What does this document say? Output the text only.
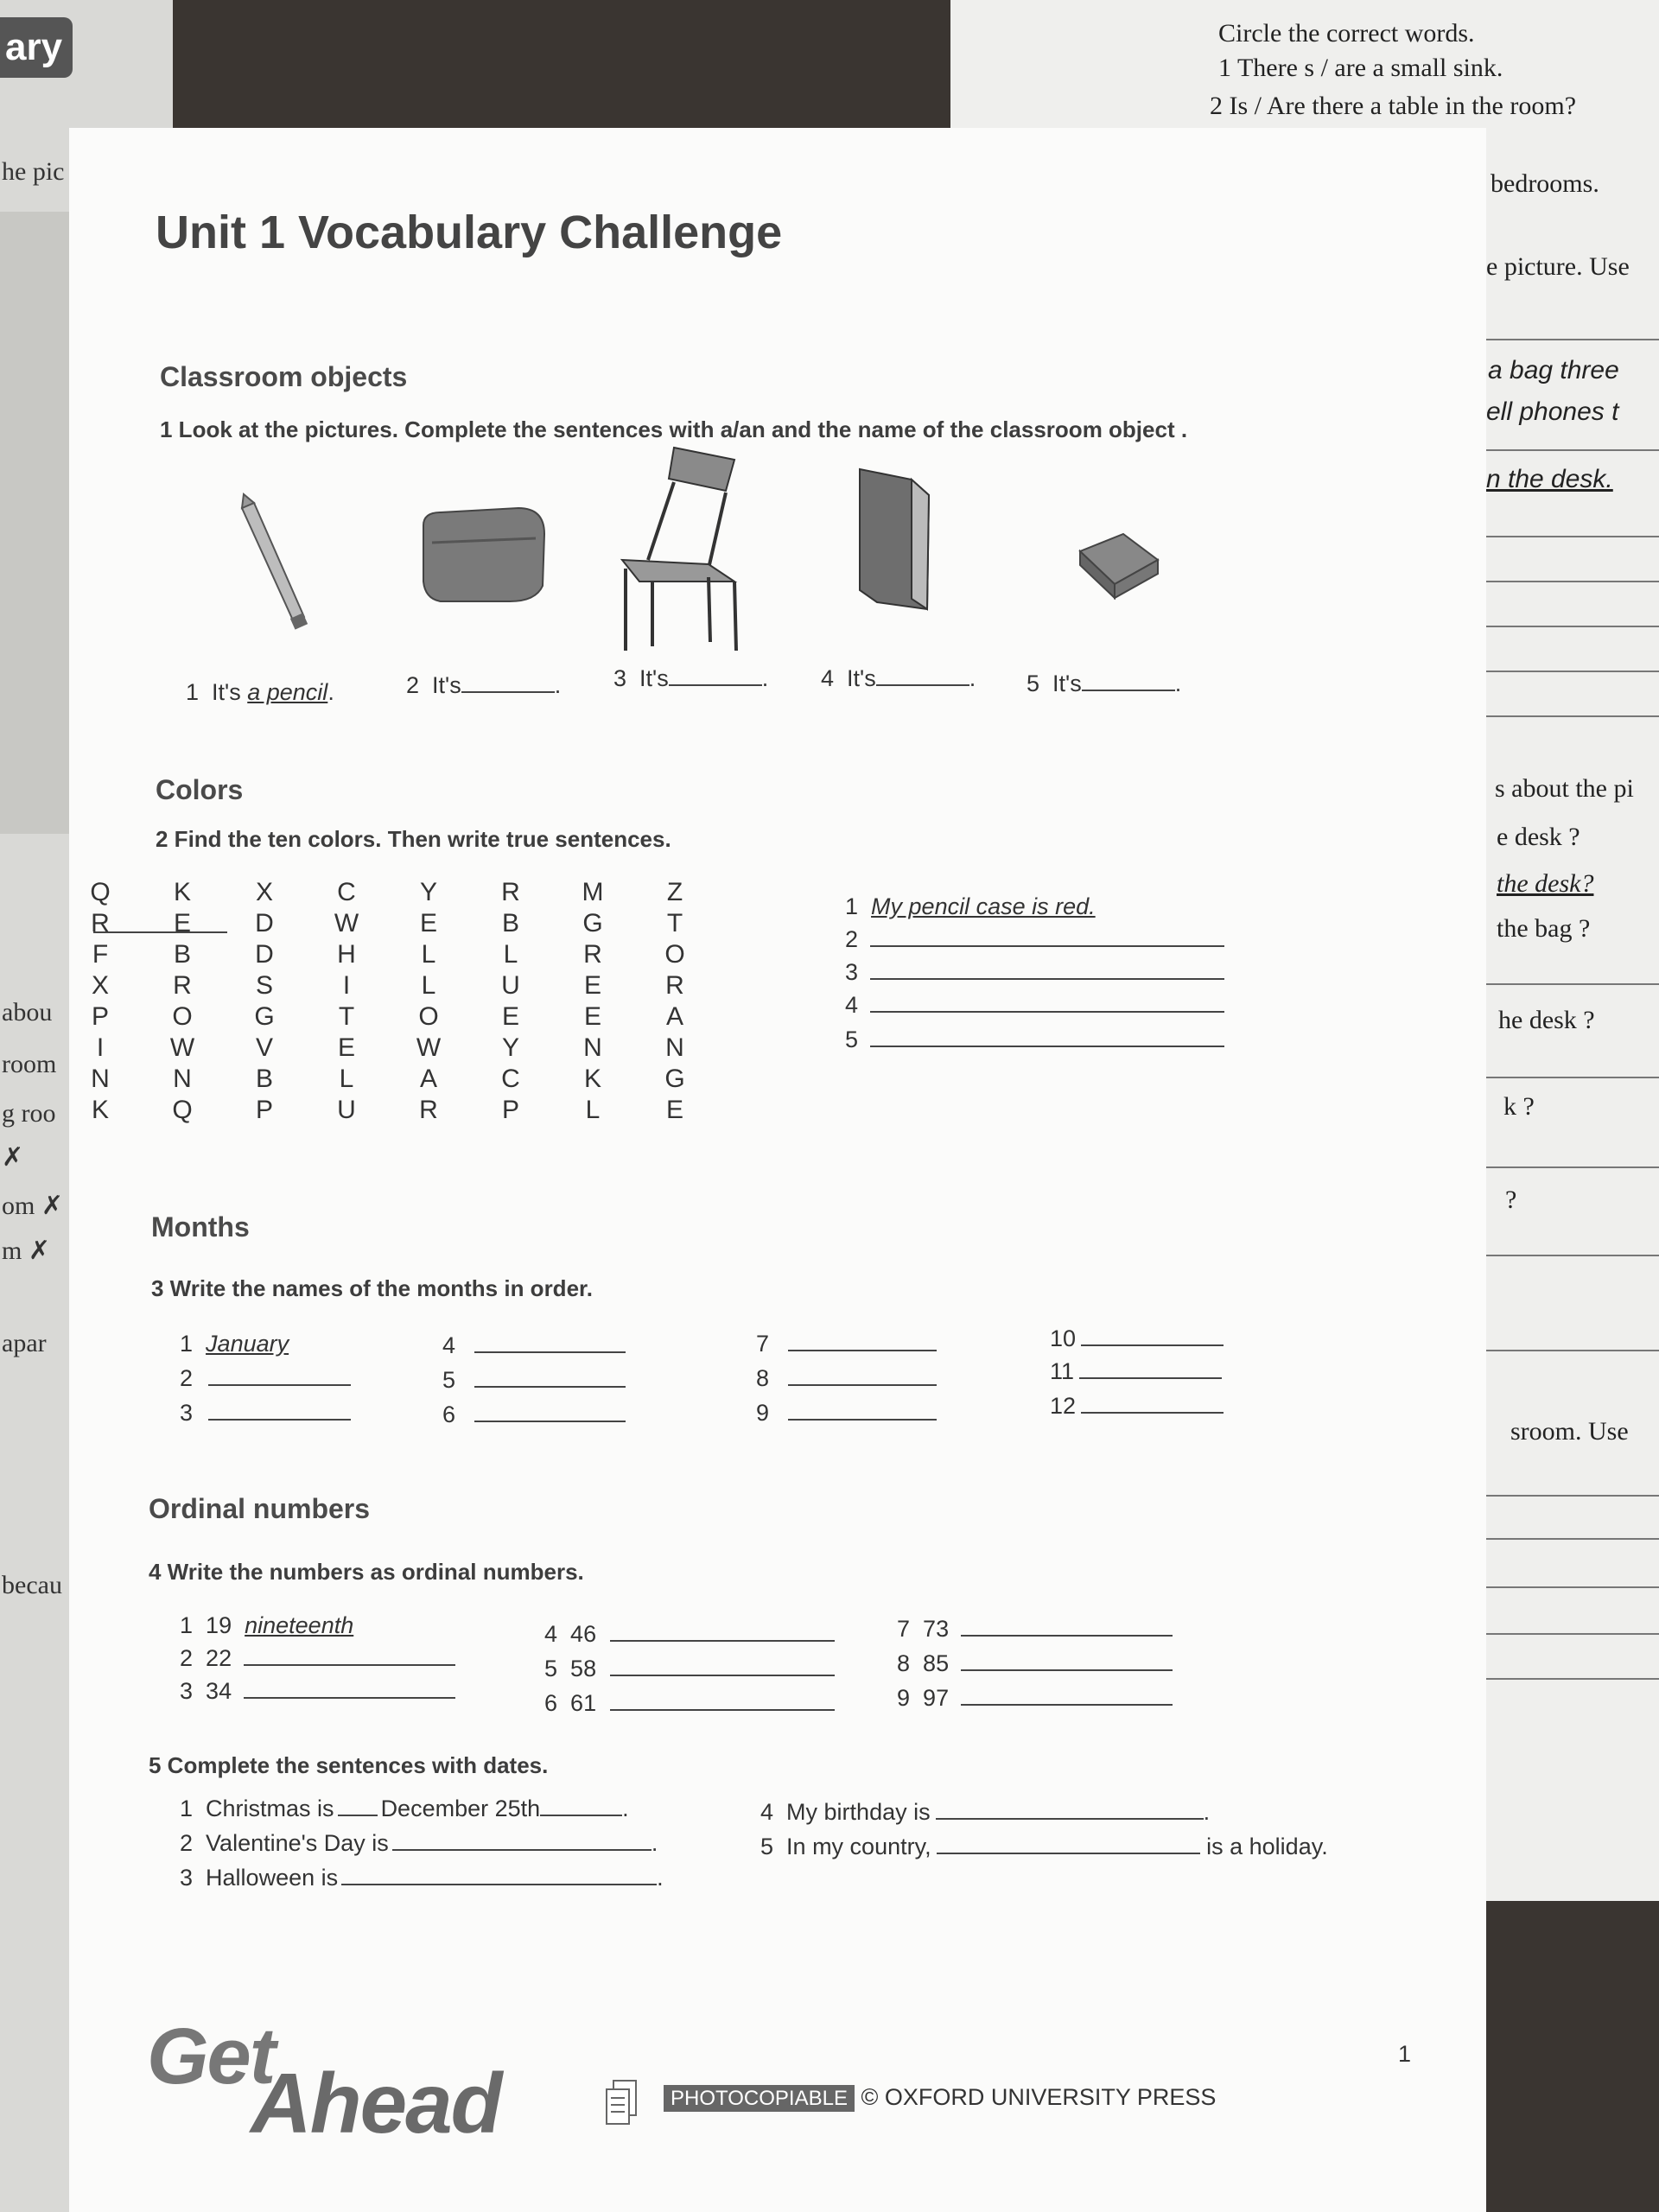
ary
he pic
abou
room
g roo
✗
om ✗
m ✗
apar
becau
Circle the correct words.
1 There s / are a small sink.
2 Is / Are there a table in the room?
bedrooms.
e picture. Use
a bag three
ell phones t
n the desk.
s about the pi
e desk ?
the desk?
the bag ?
he desk ?
k ?
?
sroom. Use
Unit 1 Vocabulary Challenge
Classroom objects
1 Look at the pictures. Complete the sentences with a/an and the name of the classroom object .
1 It's a pencil.	2 It's	. 3 It's	. 4 It's	. 5 It's	.
Colors
2 Find the ten colors. Then write true sentences.
1 My pencil case is red.
2
3
4
5
Months
3 Write the names of the months in order.
1 January
2
3
4
5
6
7
8
9
10
11
12
Ordinal numbers
4 Write the numbers as ordinal numbers.
1 19 nineteenth
2 22
3 34
4 46
5 58
6 61
7 73
8 85
9 97
5 Complete the sentences with dates.
1 Christmas is December 25th	.
2 Valentine's Day is	.
3 Halloween is	.
4 My birthday is	.
5 In my country,	is a holiday.
Get
Ahead	PHOTOCOPIABLE © OXFORD UNIVERSITY PRESS
1
Q K X C Y R M Z
R E D W E B G T
F	B D H	L	L	R O
X R S	I	L	U E R
P O G T O E E A
I	W V E W Y N N
N N B	L	A C K G
K Q P U R P	L	E
